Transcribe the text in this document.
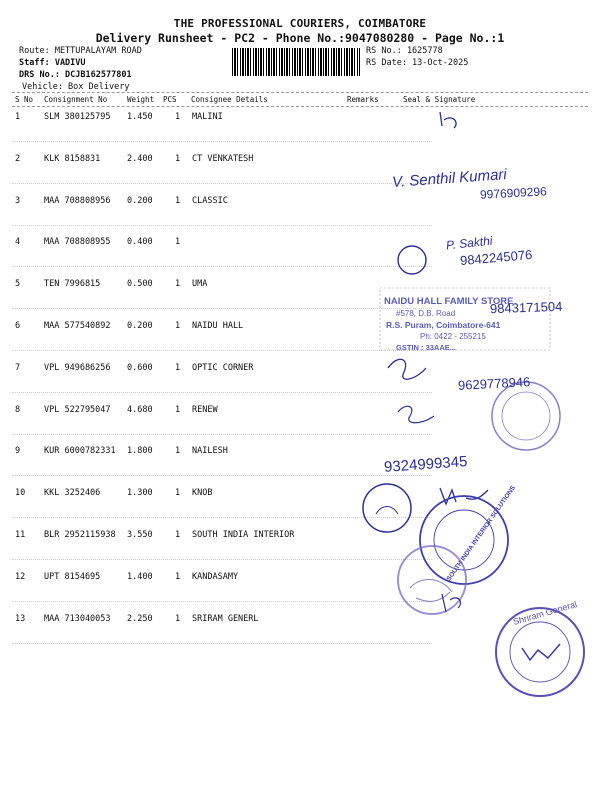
THE PROFESSIONAL COURIERS, COIMBATORE
Delivery Runsheet - PC2 - Phone No.:9047080280 - Page No.:1
Route: METTUPALAYAM ROAD
Staff: VADIVU
DRS No.: DCJB162577801
Vehicle: Box Delivery
RS No.: 1625778
RS Date: 13-Oct-2025
S No Consignment No	Weight PCS Consignee Details	Remarks	Seal & Signature
1	SLM 380125795 1.450	1 MALINI
2	KLK 8158831	2.400	1 CT VENKATESH
3	MAA 708808956 0.200	1 CLASSIC
4	MAA 708808955 0.400	1
5	TEN 7996815	0.500	1 UMA
6	MAA 577540892 0.200	1 NAIDU HALL
7	VPL 949686256 0.600	1 OPTIC CORNER
8	VPL 522795047 4.680	1 RENEW
9	KUR 6000782331 1.800	1 NAILESH
10 KKL 3252406	1.300	1 KNOB
11 BLR 2952115938 3.550	1 SOUTH INDIA INTERIOR
12 UPT 8154695	1.400	1 KANDASAMY
13 MAA 713040053 2.250	1 SRIRAM GENERL
V. Senthil Kumari
9976909296
P. Sakthi
9842245076
NAIDU HALL FAMILY STORE
#578, D.B. Road
R.S. Puram, Coimbatore-641
Ph: 0422 - 255215
GSTIN : 33AAE...
9843171504
9629778946
9324999345
SOUTH INDIA INTERIOR SOLUTIONS
Shriram General
